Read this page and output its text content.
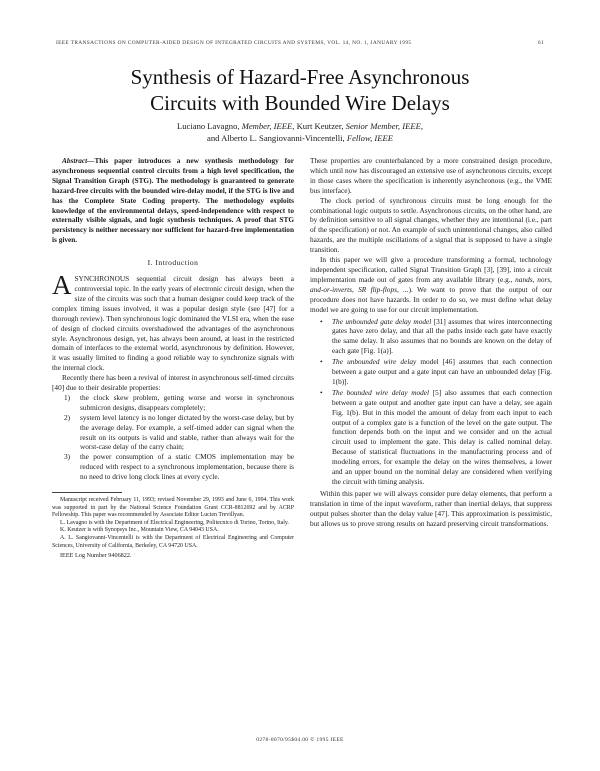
IEEE TRANSACTIONS ON COMPUTER-AIDED DESIGN OF INTEGRATED CIRCUITS AND SYSTEMS, VOL. 14, NO. 1, JANUARY 1995	61
Synthesis of Hazard-Free Asynchronous
Circuits with Bounded Wire Delays
Luciano Lavagno, Member, IEEE, Kurt Keutzer, Senior Member, IEEE,
and Alberto L. Sangiovanni-Vincentelli, Fellow, IEEE

Abstract—This paper introduces a new synthesis methodology for asynchronous sequential control circuits from a high level specification, the Signal Transition Graph (STG). The methodology is guaranteed to generate hazard-free circuits with the bounded wire-delay model, if the STG is live and has the Complete State Coding property. The methodology exploits knowledge of the environmental delays, speed-independence with respect to externally visible signals, and logic synthesis techniques. A proof that STG persistency is neither necessary nor sufficient for hazard-free implementation is given.

I. Introduction

ASYNCHRONOUS sequential circuit design has always been a controversial topic. In the early years of electronic circuit design, when the size of the circuits was such that a human designer could keep track of the complex timing issues involved, it was a popular design style (see [47] for a thorough review). Then synchronous logic dominated the VLSI era, when the ease of design of clocked circuits overshadowed the advantages of the asynchronous style. Asynchronous design, yet, has always been around, at least in the restricted domain of interfaces to the external world, asynchronous by definition. However, it was usually limited to finding a good reliable way to synchronize signals with the internal clock.

Recently there has been a revival of interest in asynchronous self-timed circuits [40] due to their desirable properties:

1) the clock skew problem, getting worse and worse in synchronous submicron designs, disappears completely;
2) system level latency is no longer dictated by the worst-case delay, but by the average delay. For example, a self-timed adder can signal when the result on its outputs is valid and stable, rather than always wait for the worst-case delay of the carry chain;
3) the power consumption of a static CMOS implementation may be reduced with respect to a synchronous implementation, because there is no need to drive long clock lines at every cycle.

Manuscript received February 11, 1993; revised November 29, 1993 and June 6, 1994. This work was supported in part by the National Science Foundation Grant CCR-8812692 and by ACRP Fellowship. This paper was recommended by Associate Editor Lucien Trevillyan.

L. Lavagno is with the Department of Electrical Engineering, Politecnico di Torino, Torino, Italy.

K. Keutzer is with Synopsys Inc., Mountain View, CA 94043 USA.

A. L. Sangiovanni-Vincentelli is with the Department of Electrical Engineering and Computer Sciences, University of California, Berkeley, CA 94720 USA.

IEEE Log Number 9406822.

These properties are counterbalanced by a more constrained design procedure, which until now has discouraged an extensive use of asynchronous circuits, except in those cases where the specification is inherently asynchronous (e.g., the VME bus interface).

The clock period of synchronous circuits must be long enough for the combinational logic outputs to settle. Asynchronous circuits, on the other hand, are by definition sensitive to all signal changes, whether they are intentional (i.e., part of the specification) or not. An example of such unintentional changes, also called hazards, are the multiple oscillations of a signal that is supposed to have a single transition.

In this paper we will give a procedure transforming a formal, technology independent specification, called Signal Transition Graph [3], [39], into a circuit implementation made out of gates from any available library (e.g., nands, nors, and-or-inverts, SR flip-flops, ...). We want to prove that the output of our procedure does not have hazards. In order to do so, we must define what delay model we are going to use for our circuit implementation.

• The unbounded gate delay model [31] assumes that wires interconnecting gates have zero delay, and that all the paths inside each gate have exactly the same delay. It also assumes that no bounds are known on the delay of each gate [Fig. 1(a)].
• The unbounded wire delay model [46] assumes that each connection between a gate output and a gate input can have an unbounded delay [Fig. 1(b)].
• The bounded wire delay model [5] also assumes that each connection between a gate output and another gate input can have a delay, see again Fig. 1(b). But in this model the amount of delay from each input to each output of a complex gate is a function of the level on the gate output. The function depends both on the input and we consider and on the actual circuit used to implement the gate. This delay is called nominal delay. Because of statistical fluctuations in the manufacturing process and of modeling errors, for example the delay on the wires themselves, a lower and an upper bound on the nominal delay are considered when verifying the circuit with timing analysis.

Within this paper we will always consider pure delay elements, that perform a translation in time of the input waveform, rather than inertial delays, that suppress output pulses shorter than the delay value [47]. This approximation is pessimistic, but allows us to prove strong results on hazard preserving circuit transformations.

0278-0070/95$04.00 © 1995 IEEE
